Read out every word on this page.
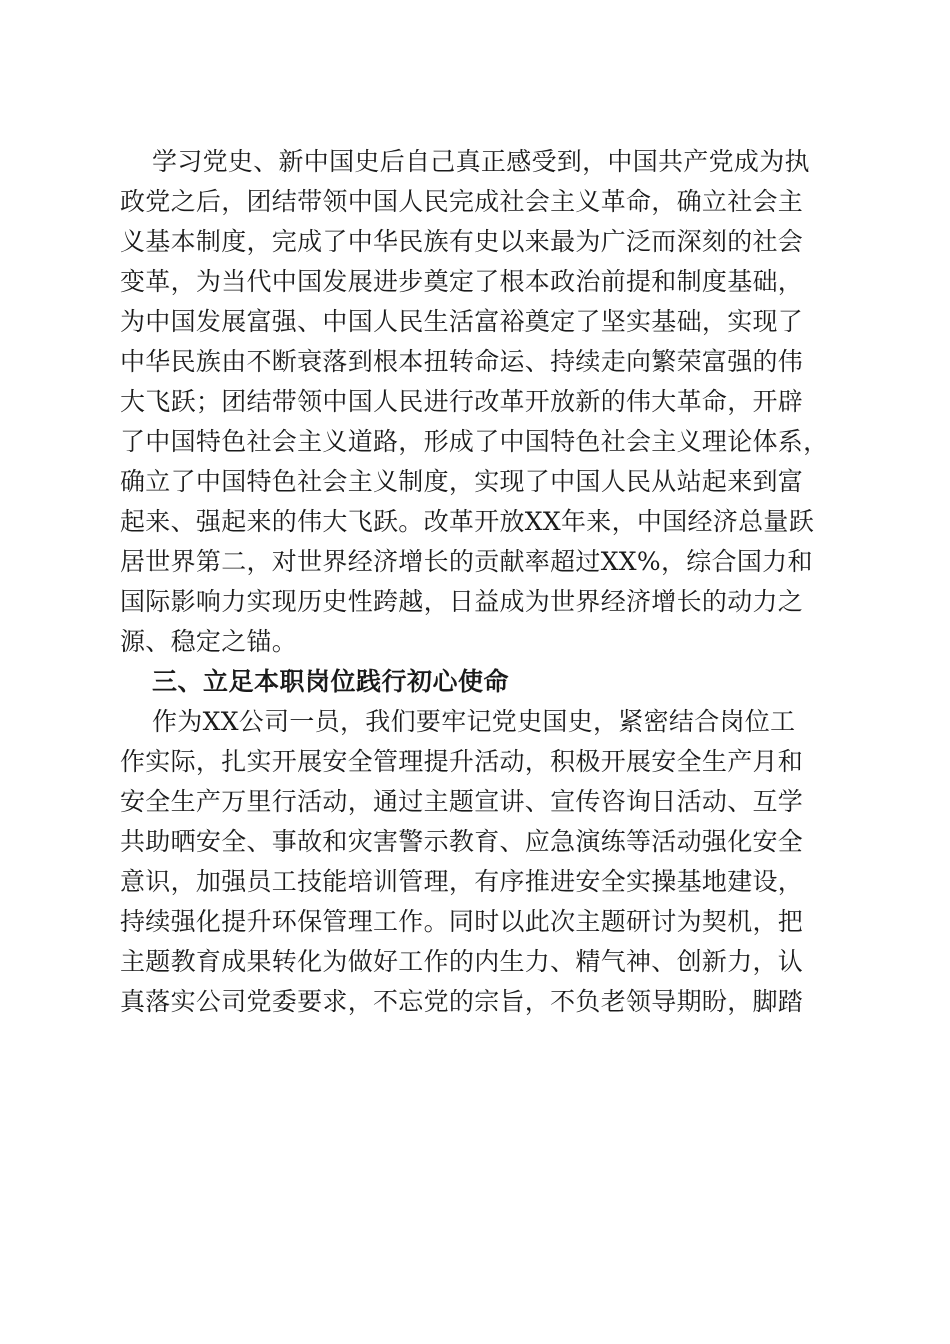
学习党史、新中国史后自己真正感受到，中国共产党成为执
政党之后，团结带领中国人民完成社会主义革命，确立社会主
义基本制度，完成了中华民族有史以来最为广泛而深刻的社会
变革，为当代中国发展进步奠定了根本政治前提和制度基础，
为中国发展富强、中国人民生活富裕奠定了坚实基础，实现了
中华民族由不断衰落到根本扭转命运、持续走向繁荣富强的伟
大飞跃；团结带领中国人民进行改革开放新的伟大革命，开辟
了中国特色社会主义道路，形成了中国特色社会主义理论体系，
确立了中国特色社会主义制度，实现了中国人民从站起来到富
起来、强起来的伟大飞跃。改革开放XX年来，中国经济总量跃
居世界第二，对世界经济增长的贡献率超过XX%，综合国力和
国际影响力实现历史性跨越，日益成为世界经济增长的动力之
源、稳定之锚。
三、立足本职岗位践行初心使命
作为XX公司一员，我们要牢记党史国史，紧密结合岗位工
作实际，扎实开展安全管理提升活动，积极开展安全生产月和
安全生产万里行活动，通过主题宣讲、宣传咨询日活动、互学
共助晒安全、事故和灾害警示教育、应急演练等活动强化安全
意识，加强员工技能培训管理，有序推进安全实操基地建设，
持续强化提升环保管理工作。同时以此次主题研讨为契机，把
主题教育成果转化为做好工作的内生力、精气神、创新力，认
真落实公司党委要求，不忘党的宗旨，不负老领导期盼，脚踏
